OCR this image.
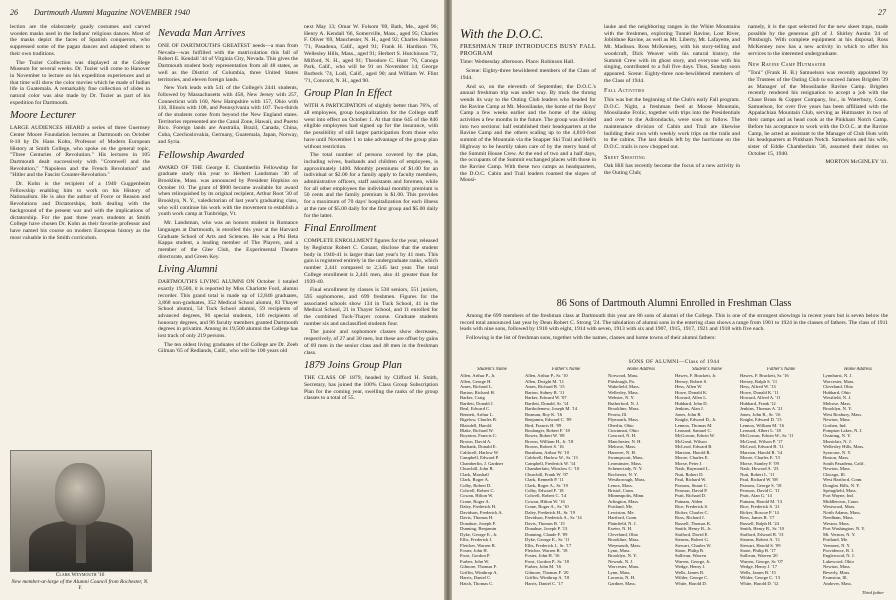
26 Dartmouth Alumni Magazine NOVEMBER 1940

lection are the elaborately gaudy costumes and carved wooden masks used in the Indians' religious dances. Most of the masks depict the faces of Spanish conquerors, who suppressed some of the pagan dances and adapted others to their own traditions.

The Tozier Collection was displayed at the College Museum for several weeks. Dr. Tozier will come to Hanover in November to lecture on his expedition experiences and at that time will show the color movies which he made of Indian life in Guatemala. A remarkably fine collection of slides in natural color was also made by Dr. Tozier as part of his expedition for Dartmouth.

Moore Lecturer

LARGE AUDIENCES HEARD a series of three Guernsey Center Moore Foundation lectures at Dartmouth on October 8-10 by Dr. Hans Kohn, Professor of Modern European History at Smith College, who spoke on the general topic, "Three Centuries of Revolution." His lectures in 105 Dartmouth dealt successively with "Cromwell and the Revolution," "Napoleon and the French Revolution" and "Hitler and the Fascist Counter-Revolution."

Dr. Kohn is the recipient of a 1940 Guggenheim Fellowship enabling him to work on his History of Nationalism. He is also the author of Force or Reason and Revolutions and Dictatorships, both dealing with the background of the present war and with the implications of dictatorship. For the past three years students at Smith College have chosen Dr. Kohn as their favorite professor and have named his course on modern European history as the most valuable in the Smith curriculum.

Clark Weymouth '16
New member-at-large of the Alumni Council from Rochester, N. Y.
Nevada Man Arrives

ONE OF DARTMOUTH'S GREATEST needs—a man from Nevada—was fulfilled with the matriculation this fall of Robert E. Kendall '44 of Virginia City, Nevada. This gives the Dartmouth student body representation from all 48 states, as well as the District of Columbia, three United States territories, and eleven foreign lands.

New York leads with 541 of the College's 2441 students, followed by Massachusetts with 458, New Jersey with 257, Connecticut with 160, New Hampshire with 157, Ohio with 116, Illinois with 108, and Pennsylvania with 107. Two-thirds of the students come from beyond the New England states. Territories represented are the Canal Zone, Hawaii, and Puerto Rico. Foreign lands are Australia, Brazil, Canada, China, Cuba, Czechoslovakia, Germany, Guatemala, Japan, Norway, and Syria.

Fellowship Awarded

AWARD OF THE George E. Chamberlin Fellowship for graduate study this year to Herbert Landsman '40 of Brookline, Mass. was announced by President Hopkins on October 10. The grant of $900 became available for award when relinquished by its original recipient, Arthur Root '30 of Brooklyn, N. Y., valedictorian of last year's graduating class, who will continue his work with the movement to establish a youth work camp at Tunbridge, Vt.

Mr. Landsman, who was an honors student in Romance languages at Dartmouth, is enrolled this year at the Harvard Graduate School of Arts and Sciences. He was a Phi Beta Kappa student, a leading member of The Players, and a member of the Glee Club, the Experimental Theatre directorate, and Green Key.

Living Alumni

DARTMOUTH'S LIVING ALUMNI ON October 1 totaled exactly 19,500, it is reported by Miss Charlotte Ford, alumni recorder. This grand total is made up of 12,846 graduates, 3,868 non-graduates, 352 Medical School alumni, 83 Thayer School alumni, 54 Tuck School alumni, 59 recipients of advanced degrees, 96 special students, 146 recipients of honorary degrees, and 96 faculty members granted Dartmouth degrees in privatim. Among its 19,500 alumni the College has lost track of only 219 persons.

The ten oldest living graduates of the College are Dr. Zeeb Gilman '65 of Redlands, Calif., who will be 100 years old

next May 13; Omar W. Folsom '69, Bath, Me., aged 96; Henry A. Kendall '66, Somerville, Mass., aged 95; Charles F. Oliver '69, Manchester, N. H., aged 92; Charles Johnson '71, Pasadena, Calif., aged 91; Frank H. Hardison '76, Wellesley Hills, Mass., aged 91; Herbert S. Hutchinson '72, Milford, N. H., aged 91; Theodore C. Hunt '76, Canoga Park, Calif., who will be 91 on November 14; George Burbeck '74, Lodi, Calif., aged 90; and William W. Flint '71, Concord, N. H., aged 90.

Group Plan In Effect

WITH A PARTICIPATION of slightly better than 76%, of all employees, group hospitalization for the College staff went into effect on October 1. At that time 645 of the 846 eligible employees had signed up for the insurance, with the possibility of still larger participation from those who have until November 1 to take advantage of the group plan without restriction.

The total number of persons covered by the plan, including wives, husbands and children of employees, is approximately 1400. Monthly premiums of $1.00 for an individual or $2.00 for a family apply to faculty members, administrative officers, staff assistants and foremen, while for all other employees the individual monthly premium is 50 cents and the family premium is $1.00. This provides for a maximum of 70 days' hospitalization for each illness at the rate of $5.00 daily for the first group and $5.00 daily for the latter.

Final Enrollment

COMPLETE ENROLLMENT figures for the year, released by Registrar Robert C. Conant, disclose that the student body in 1940-41 is larger than last year's by 41 men. This gain is registered entirely in the undergraduate ranks, which number 2,441 compared to 2,345 last year. The total College enrollment is 2,441 men, also 41 greater than for 1939-40.

Final enrollment by classes is 530 seniors, 551 juniors, 595 sophomores, and 699 freshmen. Figures for the associated schools show 134 in Tuck School, 41 in the Medical School, 21 in Thayer School, and 11 enrolled for the combined Tuck-Thayer course. Graduate students number six and unclassified students four.

The junior and sophomore classes show decreases, respectively, of 27 and 30 men, but these are offset by gains of 69 men in the senior class and 48 men in the freshman class.

1879 Joins Group Plan

THE CLASS OF 1879, headed by Clifford H. Smith, Secretary, has joined the 100% Class Group Subscription Plan for the coming year, swelling the ranks of the group classes to a total of 55.

27
With the D.O.C.
FRESHMAN TRIP INTRODUCES BUSY FALL PROGRAM

Time: Wednesday afternoon. Place: Robinson Hall.

Scene: Eighty-three bewildered members of the Class of 1944.

And so, on the eleventh of September, the D.O.C.'s annual freshman trip was under way. By truck the throng wends its way to the Outing Club leaders who headed for the Ravine Camp at Mt. Moosilauke, the home of the Boys' Camp a few weeks earlier and the home of the skiing activities a few months in the future. The group was divided into two sections: half established their headquarters at the Ravine Camp and the others scaling up to the 4,810-foot summit of the Mountain via the Snapper Ski Trail and Hell's Highway to be heartily taken care of by the merry band of the Summit House Crew. At the end of two and a half days, the occupants of the Summit exchanged places with those in the Ravine Camp. With these two camps as headquarters, the D.O.C. Cabin and Trail leaders roamed the slopes of Moosi-

lauke and the neighboring ranges in the White Mountains with the freshmen, exploring Tunnel Ravine, Lost River, Jobildune Ravine, as well as Mt. Liberty, Mt. Lafayette, and Mt. Madison. Ross McKenney, with his story-telling and woodcraft, Dick Weaver with his natural history, the Summit Crew with its ghost story, and everyone with his singing, contributed to a full five days. Thus, Sunday soon appeared. Scene: Eighty-three non-bewildered members of the Class of 1944.

Fall Activities

This was but the beginning of the Club's early Fall program. D.O.C. Night, a freshman feed at Moose Mountain, Moosilauke Frolic, together with trips into the Presidentials and over to the Adirondacks, were soon to follow. The maintenance division of Cabin and Trail are likewise building their own with weekly work trips on the trails and to the cabins. The last details left by the hurricane on the D.O.C. trails is now chopped out.

Skeet Shooting

Oak Hill has recently become the focus of a new activity in the Outing Club;

namely, it is the spot selected for the new skeet traps, made possible by the generous gift of J. Shirley Austin '24 of Pittsburgh. With complete equipment at his disposal, Ross McKenney now has a new activity in which to offer his services to the interested undergraduate.

New Ravine Camp Hutmaster

"Toni" (Frank H. B.) Samuelson was recently appointed by the Trustees of the Outing Club to succeed James Brigden '39 as Manager of the Moosilauke Ravine Camp. Brigden recently rendered his resignation to accept a job with the Chase Brass & Copper Company, Inc., in Waterbury, Conn. Samuelson, for over five years has been affiliated with the Appalachian Mountain Club, serving as Hutmaster in two of their camps and as head cook at the Pinkham Notch Camp. Before his acceptance to work with the D.O.C. at the Ravine Camp, he acted as assistant to the Manager of Club Huts with his headquarters at Pinkham Notch. Samuelson and his wife, sister of Eddie Chamberlain '36, assumed their duties on October 15, 1940.

MORTON McGINLEY '41.

86 Sons of Dartmouth Alumni Enrolled in Freshman Class

Among the 699 members of the freshman class at Dartmouth this year are 86 sons of alumni of the College. This is one of the strongest showings in recent years but is seven below the record total announced last year by Dean Robert C. Strong '24. The tabulation of alumni sons in the entering class shows a range from 1901 to 1924 in the classes of fathers. The class of 1911 leads with nine sons, followed by 1916 with eight, 1914 with seven, 1913 with six and 1907, 1915, 1917, 1921 and 1918 with five each.

Following is the list of freshman sons, together with the names, classes and home towns of their alumni fathers:

SONS OF ALUMNI—Class of 1944
Student's Name
Allen, Arthur P., Jr.
Allen, George H.
Ames, Richard L.
Barton, Richard H.
Barker, Craig
Bartlett, Donald J.
Beal, Edward C.
Bennett, Arthur L.
Bigelow, Charles B.
Blaisdell, Harold
Blake, Richard W.
Boynton, Francis C.
Brown, David A.
Burbank, Donald E.
Caldwell, Harlow W.
Campbell, Edward P.
Chamberlin, J. Gardner
Churchill, John B.
Clark, Marshall
Clark, Roger A.
Colby, Robert D.
Colwell, Robert C.
Cowan, Hilton W.
Crane, Roger A.
Daley, Frederick H.
Davidson, Frederick A.
Davis, Thomas H.
Donahue, Joseph P.
Dunning, Benjamin
Dyke, George E., Jr.
Ellis, Frederick J.
Fletcher, Warren B.
Foster, John H.
Frost, Gordon P.
Furber, John W.
Gilmore, Thomas F.
Griffin, Winthrop A.
Harris, Daniel C.
Hatch, Thomas C.
Father's Name
Allen, Arthur P., Sr. '10
Allen, Dwight M. '11
Ames, Richard B. '15
Barton, Sidney R. '11
Barker, Edward W. '07
Bartlett, Donald, Sr. '14
Bartholemew, Joseph M. '14
Beaman, Roy K. '16
Benjamin, Edward C. '09
Bird, Francis H. '09
Boulanger, Robert F. '18
Bower, Robert W. '08
Brown, William H., Jr. '18
Brown, Robert S. '16
Burnham, Arthur W. '10
Caldwell, Harlow W., Sr. '13
Campbell, Frederick W. '14
Chamberlain, Winslow C. '10
Churchill, Frank W. '07
Clark, Kenneth P. '11
Clark, Roger A., Sr. '19
Colby, Edward F. '18
Colwell, Robert C. '14
Cowan, Hilton W. '16
Crane, Roger A., Sr. '10
Daley, Frederick H., Sr. '19
Davidson, Frederick A., Sr. '14
Davis, Thomas B. '15
Donahue, Joseph P. '13
Dunning, Claude F. '09
Dyke, George E., Sr. '11
Ellis, Frederick J., Sr. '17
Fletcher, Warren R. '18
Foster, John H. '16
Frost, Gordon P., Sr. '18
Furber, John M. '16
Gilmore, Thomas F. '20
Griffin, Winthrop A. '18
Harris, Daniel C. '17
Home Address
Norwood, Mass.
Pittsburgh, Pa.
Wakefield, Mass.
Wellesley, Mass.
Webster, N. Y.
Rutherford, N. J.
Brookline, Mass.
Peoria, Ill.
Plymouth, Mass.
Oberlin, Ohio
Cincinnati, Ohio
Concord, N. H.
Manchester, N. H.
Melrose, Mass.
Hanover, N. H.
Swampscott, Mass.
Leominster, Mass.
Schenectady, N. Y.
Rochester, N. Y.
Westborough, Mass.
Lenox, Mass.
Bristol, Conn.
Minneapolis, Minn.
Arlington, Mass.
Portland, Me.
Lewiston, Me.
Hartford, Conn.
Plainfield, N. J.
Exeter, N. H.
Cleveland, Ohio
Brookline, Mass.
Weymouth, Mass.
Lynn, Mass.
Brooklyn, N. Y.
Newark, N. J.
Worcester, Mass.
Lynn, Mass.
Laconia, N. H.
Gardner, Mass.
Student's Name
Hawes, F. Brackett, Jr.
Hersey, Robert S.
Hess, Allen W.
Howe, Donald K.
Howard, Allen L.
Hubbard, John D.
Jenkins, Alan J.
Jones, John R.
Knight, Edward D., Jr.
Lennox, Thomas M.
Leonard, Samuel C.
McGowan, Edwin W.
McGreal, Wilson
McLeod, Edward B.
Marston, Harold R.
Moore, Charles E.
Morse, Peter J.
Nash, Raymond L.
Nutt, Robert D.
Paul, Richard W.
Parsons, Stuart C.
Pearson, David P.
Pratt, Richard D.
Putnam, Alden
Rice, Frederick S.
Ricker, Charles C.
Ross, Richard J.
Russell, Thomas K.
Smith, Henry B., Jr.
Stafford, David E.
Stearns, Robert G.
Stewart, Charles W.
Stone, Philip B.
Sullivan, Warren
Warren, George, Jr.
Wedge, Henry J.
Wells, James B.
Wilder, George C.
White, Harold D.
Father's Name
Hawes, F. Brackett, Sr. '16
Hersey, Ralph S. '11
Hess, Alfred W. '13
Howe, Donald K. '11
Howard, Alfred A. '11
Hubbard, Frank '12
Jenkins, Thomas A. '21
Jones, John R., Sr. '16
Knight, Edward D. '13
Lennox, William M. '16
Leonard, Albert L. '18
McGowan, Edwin W., Sr. '11
McGreal, Wilson P. '17
McLeod, Edward B. '11
Marston, Harold R. '14
Moore, Charles E. '15
Morse, Stanley F. '09
Nash, Howard A. '23
Nutt, Robert L. '11
Paul, Richard W. '08
Parsons, George S. '18
Pearson, David C. '11
Pratt, Alan G. '14
Putnam, Harold M. '13
Rice, Frederick S. '21
Ricker, Roscoe P. '14
Ross, James R. '17
Russell, Ralph H. '24
Smith, Henry B., Sr. '10
Stafford, Edward B. '13
Stearns, Robert A. '11
Stewart, Harold S. '09
Stone, Philip B. '17
Sullivan, Warren '20
Warren, George, Sr. '07
Wedge, Henry J. '17
Wells, James B. '15
Wilder, George C. '13
White, Harold D. '12
Home Address
Lynnhurst, N. J.
Worcester, Mass.
Cleveland, Ohio
Hubbard, Ohio
Westfield, N. J.
Melrose, Mass.
Brooklyn, N. Y.
West Roxbury, Mass.
Newton, Mass.
Goshen, Ind.
Pompton Lakes, N. J.
Ossining, N. Y.
Montclair, N. J.
Wellesley Hills, Mass.
Syracuse, N. Y.
Boston, Mass.
South Pasadena, Calif.
Newton, Mass.
Chicago, Ill.
West Hartford, Conn.
Douglas Hills, N. Y.
Springfield, Mass.
Fort Wayne, Ind.
Middletown, Conn.
Westwood, Mass.
North Adams, Mass.
Needham, Mass.
Weston, Mass.
Port Washington, N. Y.
Mt. Vernon, N. Y.
Portland, Me.
Vermont, N. Y.
Providence, R. I.
Englewood, N. J.
Lakewood, Ohio
Newton, Mass.
Beverly, Mass.
Evanston, Ill.
Andover, Mass.
Third father
